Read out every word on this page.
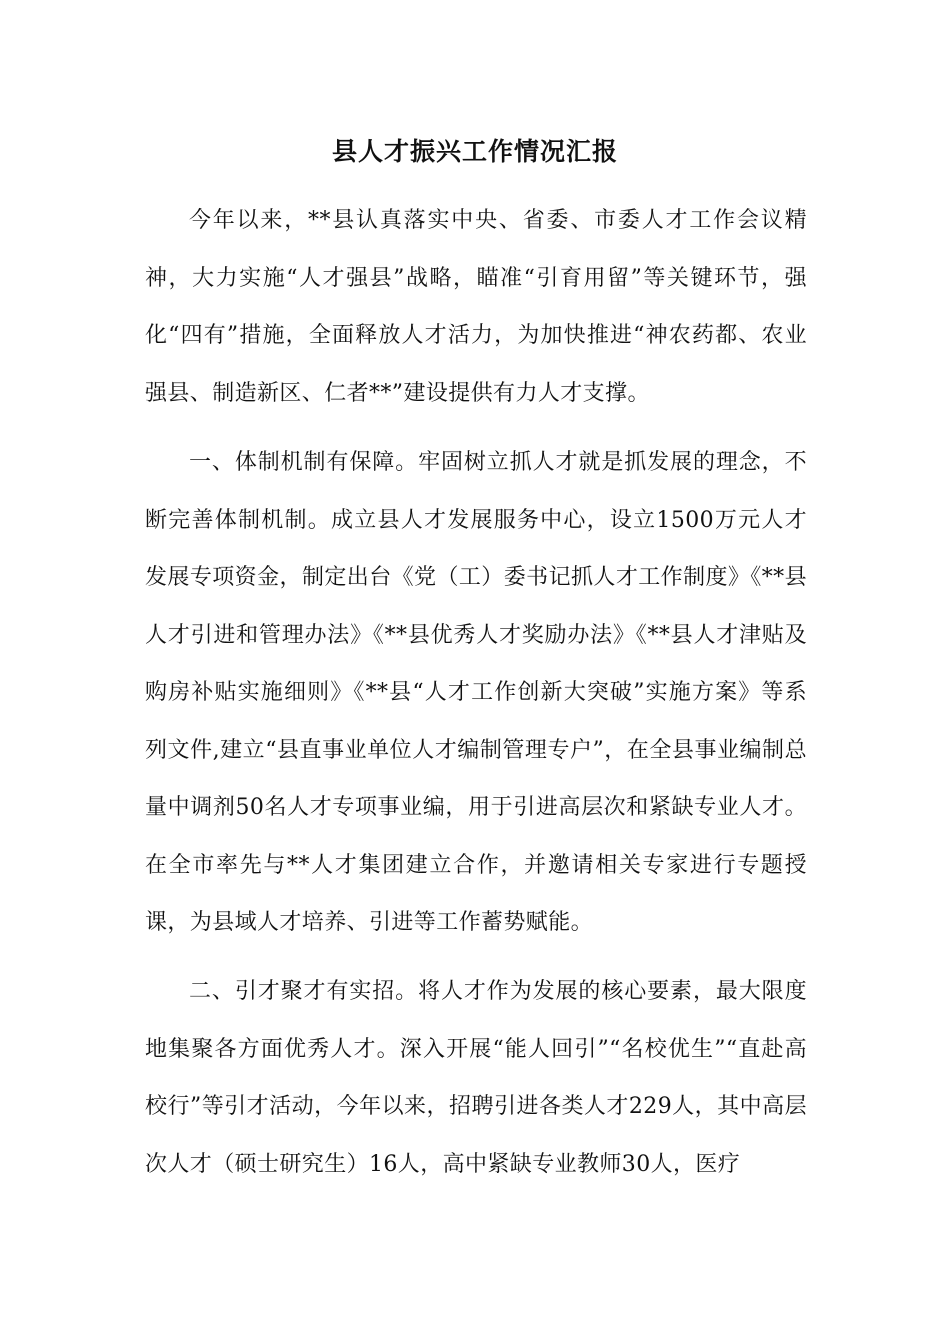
县人才振兴工作情况汇报

今年以来，**县认真落实中央、省委、市委人才工作会议精神，大力实施“人才强县”战略，瞄准“引育用留”等关键环节，强化“四有”措施，全面释放人才活力，为加快推进“神农药都、农业强县、制造新区、仁者**”建设提供有力人才支撑。

一、体制机制有保障。牢固树立抓人才就是抓发展的理念，不断完善体制机制。成立县人才发展服务中心，设立1500万元人才发展专项资金，制定出台《党（工）委书记抓人才工作制度》《**县人才引进和管理办法》《**县优秀人才奖励办法》《**县人才津贴及购房补贴实施细则》《**县“人才工作创新大突破”实施方案》等系列文件,建立“县直事业单位人才编制管理专户”，在全县事业编制总量中调剂50名人才专项事业编，用于引进高层次和紧缺专业人才。在全市率先与**人才集团建立合作，并邀请相关专家进行专题授课，为县域人才培养、引进等工作蓄势赋能。

二、引才聚才有实招。将人才作为发展的核心要素，最大限度地集聚各方面优秀人才。深入开展“能人回引”“名校优生”“直赴高校行”等引才活动，今年以来，招聘引进各类人才229人，其中高层次人才（硕士研究生）16人，高中紧缺专业教师30人，医疗
